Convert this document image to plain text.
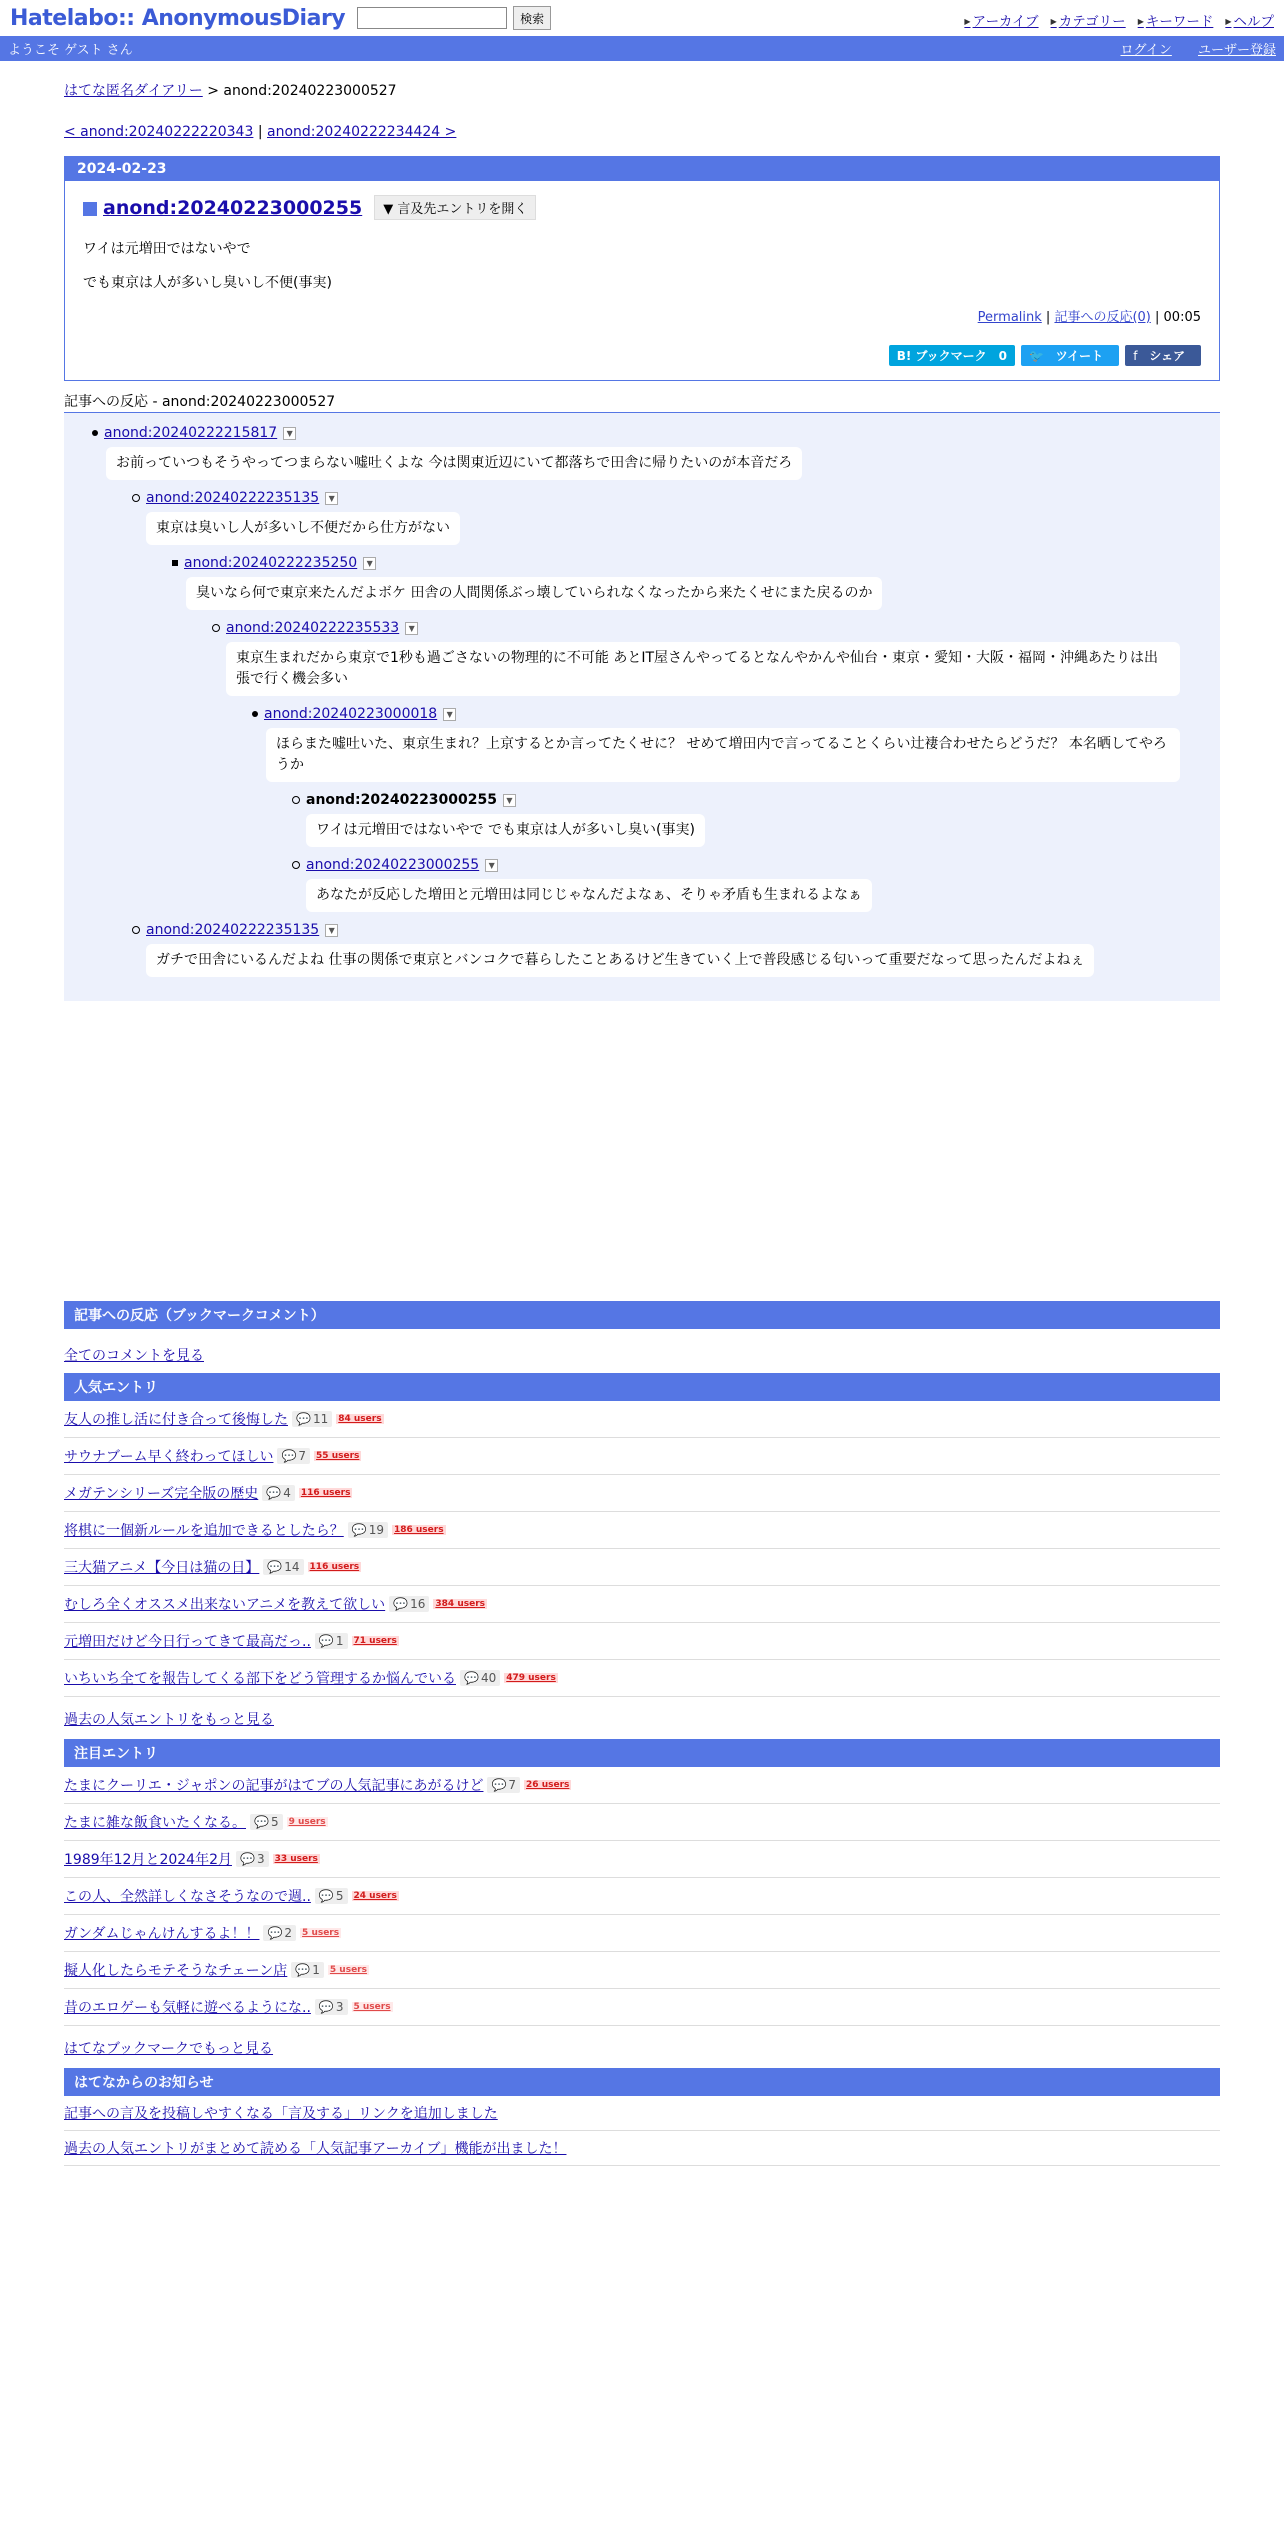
Hatelabo:: AnonymousDiary	検索	▶ アーカイブ	▶ カテゴリー	▶ キーワード	▶ ヘルプ
ようこそ ゲスト さん	ログイン ユーザー登録
はてな匿名ダイアリー > anond:20240223000527
< anond:20240222220343 | anond:20240222234424 >
2024-02-23
anond:20240223000255	▼ 言及先エントリを開く

ワイは元増田ではないやで

でも東京は人が多いし臭いし不便(事実)

Permalink | 記事への反応(0) | 00:05
B! ブックマーク　0	🐦 ツイート	f シェア
記事への反応 - anond:20240223000527
anond:20240222215817	▼
お前っていつもそうやってつまらない嘘吐くよな 今は関東近辺にいて都落ちで田舎に帰りたいのが本音だろ
anond:20240222235135	▼
東京は臭いし人が多いし不便だから仕方がない
anond:20240222235250	▼
臭いなら何で東京来たんだよボケ 田舎の人間関係ぶっ壊していられなくなったから来たくせにまた戻るのか
anond:20240222235533	▼
東京生まれだから東京で1秒も過ごさないの物理的に不可能 あとIT屋さんやってるとなんやかんや仙台・東京・愛知・大阪・福岡・沖縄あたりは出張で行く機会多い
anond:20240223000018	▼
ほらまた嘘吐いた、東京生まれ？上京するとか言ってたくせに？ せめて増田内で言ってることくらい辻褄合わせたらどうだ？ 本名晒してやろうか
anond:20240223000255	▼
ワイは元増田ではないやで でも東京は人が多いし臭い(事実)
anond:20240223000255	▼
あなたが反応した増田と元増田は同じじゃなんだよなぁ、そりゃ矛盾も生まれるよなぁ
anond:20240222235135	▼
ガチで田舎にいるんだよね 仕事の関係で東京とバンコクで暮らしたことあるけど生きていく上で普段感じる匂いって重要だなって思ったんだよねぇ
記事への反応（ブックマークコメント）
全てのコメントを見る
人気エントリ
友人の推し活に付き合って後悔した 💬 11 84 users
サウナブーム早く終わってほしい 💬 7 55 users
メガテンシリーズ完全版の歴史 💬 4 116 users
将棋に一個新ルールを追加できるとしたら？ 💬 19 186 users
三大猫アニメ【今日は猫の日】 💬 14 116 users
むしろ全くオススメ出来ないアニメを教えて欲しい 💬 16 384 users
元増田だけど今日行ってきて最高だっ.. 💬 1 71 users
いちいち全てを報告してくる部下をどう管理するか悩んでいる 💬 40 479 users
過去の人気エントリをもっと見る
注目エントリ
たまにクーリエ・ジャポンの記事がはてブの人気記事にあがるけど 💬 7 26 users
たまに雑な飯食いたくなる。 💬 5 9 users
1989年12月と2024年2月 💬 3 33 users
この人、全然詳しくなさそうなので週.. 💬 5 24 users
ガンダムじゃんけんするよ！！ 💬 2 5 users
擬人化したらモテそうなチェーン店 💬 1 5 users
昔のエロゲーも気軽に遊べるようにな.. 💬 3 5 users
はてなブックマークでもっと見る
はてなからのお知らせ
記事への言及を投稿しやすくなる「言及する」リンクを追加しました
過去の人気エントリがまとめて読める「人気記事アーカイブ」機能が出ました！
